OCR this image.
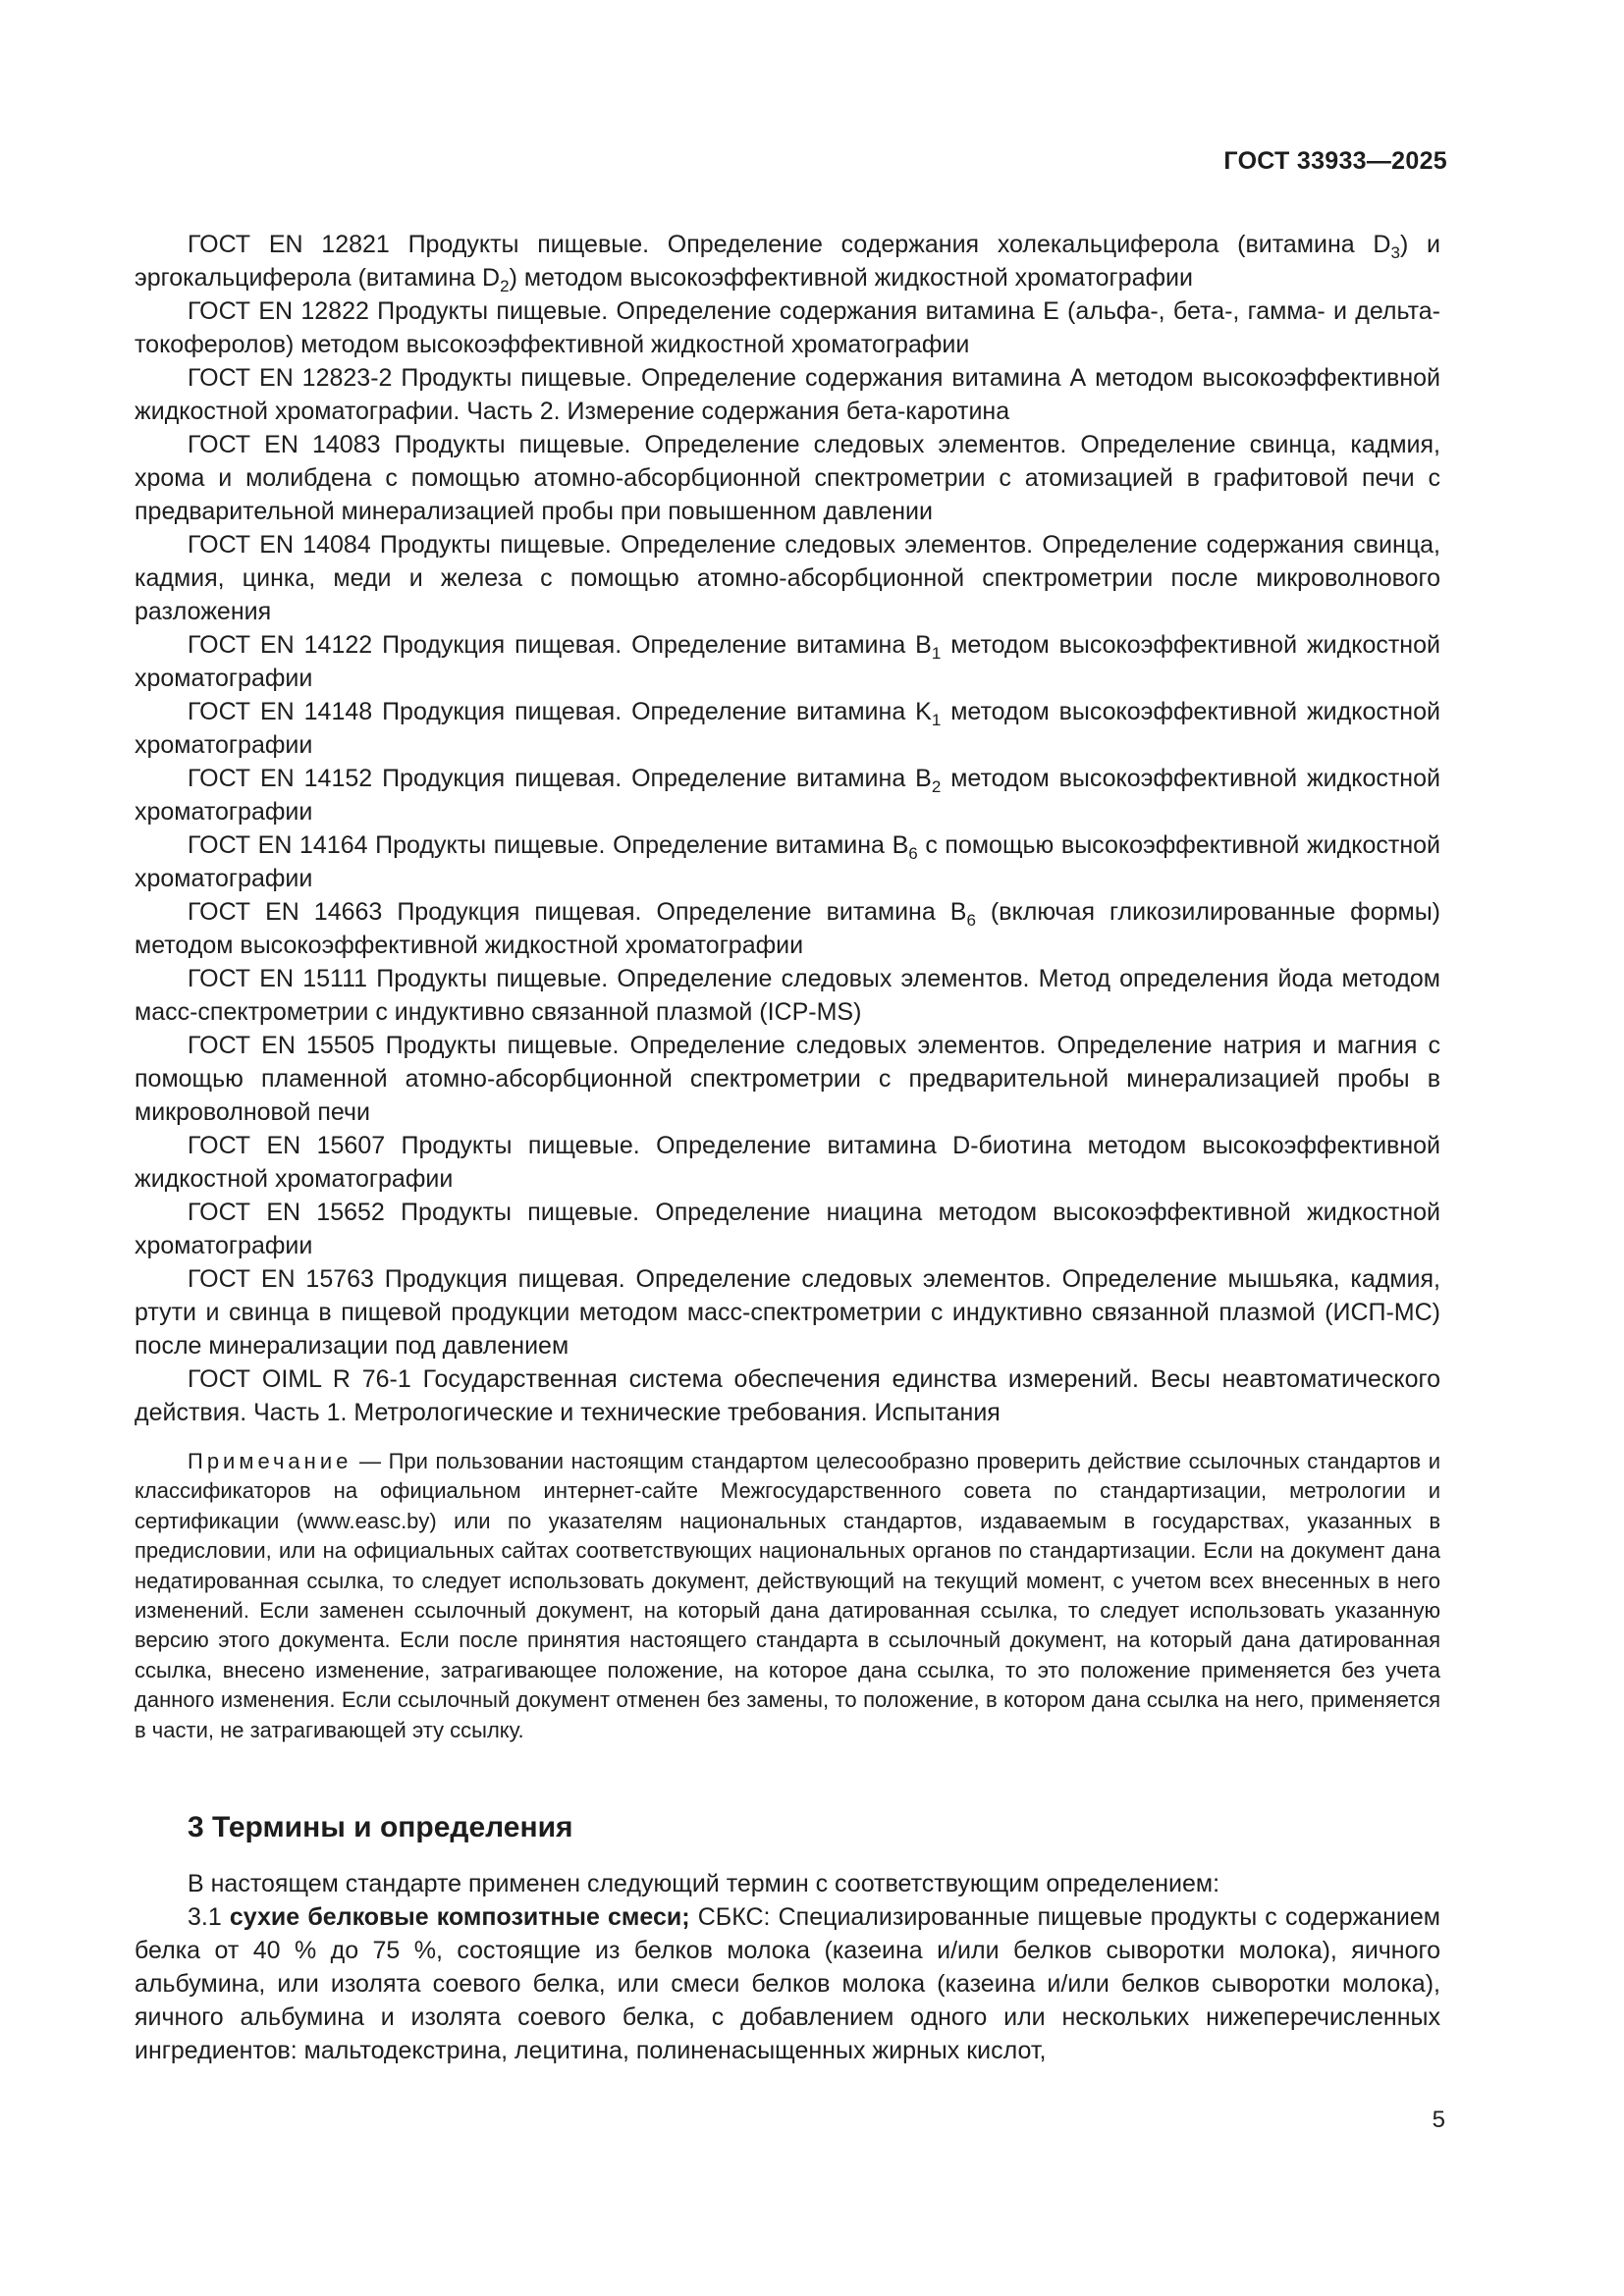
ГОСТ 33933—2025

ГОСТ EN 12821 Продукты пищевые. Определение содержания холекальциферола (витамина $D_3$) и эргокальциферола (витамина $D_2$) методом высокоэффективной жидкостной хроматографии

ГОСТ EN 12822 Продукты пищевые. Определение содержания витамина Е (альфа-, бета-, гамма- и дельта-токоферолов) методом высокоэффективной жидкостной хроматографии

ГОСТ EN 12823-2 Продукты пищевые. Определение содержания витамина А методом высокоэффективной жидкостной хроматографии. Часть 2. Измерение содержания бета-каротина

ГОСТ EN 14083 Продукты пищевые. Определение следовых элементов. Определение свинца, кадмия, хрома и молибдена с помощью атомно-абсорбционной спектрометрии с атомизацией в графитовой печи с предварительной минерализацией пробы при повышенном давлении

ГОСТ EN 14084 Продукты пищевые. Определение следовых элементов. Определение содержания свинца, кадмия, цинка, меди и железа с помощью атомно-абсорбционной спектрометрии после микроволнового разложения

ГОСТ EN 14122 Продукция пищевая. Определение витамина $B_1$ методом высокоэффективной жидкостной хроматографии

ГОСТ EN 14148 Продукция пищевая. Определение витамина $K_1$ методом высокоэффективной жидкостной хроматографии

ГОСТ EN 14152 Продукция пищевая. Определение витамина $B_2$ методом высокоэффективной жидкостной хроматографии

ГОСТ EN 14164 Продукты пищевые. Определение витамина $B_6$ с помощью высокоэффективной жидкостной хроматографии

ГОСТ EN 14663 Продукция пищевая. Определение витамина $B_6$ (включая гликозилированные формы) методом высокоэффективной жидкостной хроматографии

ГОСТ EN 15111 Продукты пищевые. Определение следовых элементов. Метод определения йода методом масс-спектрометрии с индуктивно связанной плазмой (ICP-MS)

ГОСТ EN 15505 Продукты пищевые. Определение следовых элементов. Определение натрия и магния с помощью пламенной атомно-абсорбционной спектрометрии с предварительной минерализацией пробы в микроволновой печи

ГОСТ EN 15607 Продукты пищевые. Определение витамина D-биотина методом высокоэффективной жидкостной хроматографии

ГОСТ EN 15652 Продукты пищевые. Определение ниацина методом высокоэффективной жидкостной хроматографии

ГОСТ EN 15763 Продукция пищевая. Определение следовых элементов. Определение мышьяка, кадмия, ртути и свинца в пищевой продукции методом масс-спектрометрии с индуктивно связанной плазмой (ИСП-МС) после минерализации под давлением

ГОСТ OIML R 76-1 Государственная система обеспечения единства измерений. Весы неавтоматического действия. Часть 1. Метрологические и технические требования. Испытания

Примечание — При пользовании настоящим стандартом целесообразно проверить действие ссылочных стандартов и классификаторов на официальном интернет-сайте Межгосударственного совета по стандартизации, метрологии и сертификации (www.easc.by) или по указателям национальных стандартов, издаваемым в государствах, указанных в предисловии, или на официальных сайтах соответствующих национальных органов по стандартизации. Если на документ дана недатированная ссылка, то следует использовать документ, действующий на текущий момент, с учетом всех внесенных в него изменений. Если заменен ссылочный документ, на который дана датированная ссылка, то следует использовать указанную версию этого документа. Если после принятия настоящего стандарта в ссылочный документ, на который дана датированная ссылка, внесено изменение, затрагивающее положение, на которое дана ссылка, то это положение применяется без учета данного изменения. Если ссылочный документ отменен без замены, то положение, в котором дана ссылка на него, применяется в части, не затрагивающей эту ссылку.

3 Термины и определения

В настоящем стандарте применен следующий термин с соответствующим определением:

3.1 сухие белковые композитные смеси; СБКС: Специализированные пищевые продукты с содержанием белка от 40 % до 75 %, состоящие из белков молока (казеина и/или белков сыворотки молока), яичного альбумина, или изолята соевого белка, или смеси белков молока (казеина и/или белков сыворотки молока), яичного альбумина и изолята соевого белка, с добавлением одного или нескольких нижеперечисленных ингредиентов: мальтодекстрина, лецитина, полиненасыщенных жирных кислот,

5
